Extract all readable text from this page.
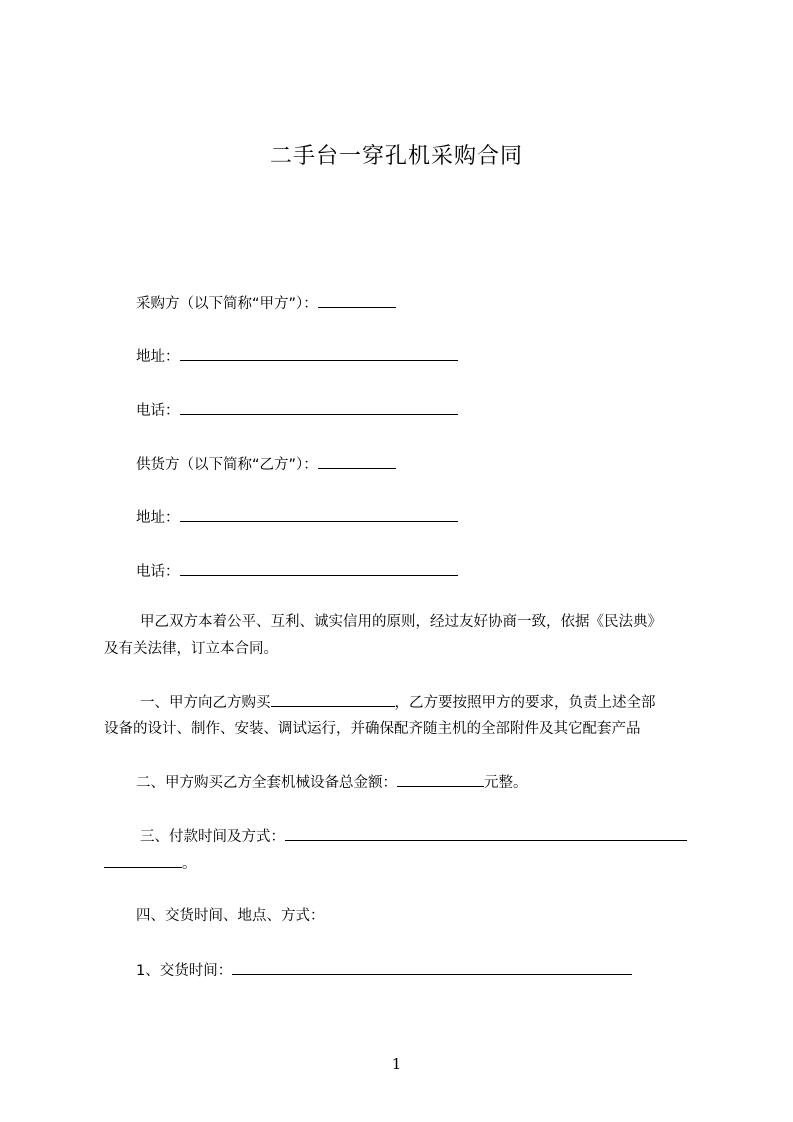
二手台一穿孔机采购合同
采购方（以下简称“甲方”）：
地址：
电话：
供货方（以下简称“乙方”）：
地址：
电话：
甲乙双方本着公平、互利、诚实信用的原则，经过友好协商一致，依据《民法典》
及有关法律，订立本合同。
一、甲方向乙方购买	，乙方要按照甲方的要求，负责上述全部
设备的设计、制作、安装、调试运行，并确保配齐随主机的全部附件及其它配套产品
二、甲方购买乙方全套机械设备总金额：	元整。
三、付款时间及方式：
。
四、交货时间、地点、方式：
1、交货时间：
1
